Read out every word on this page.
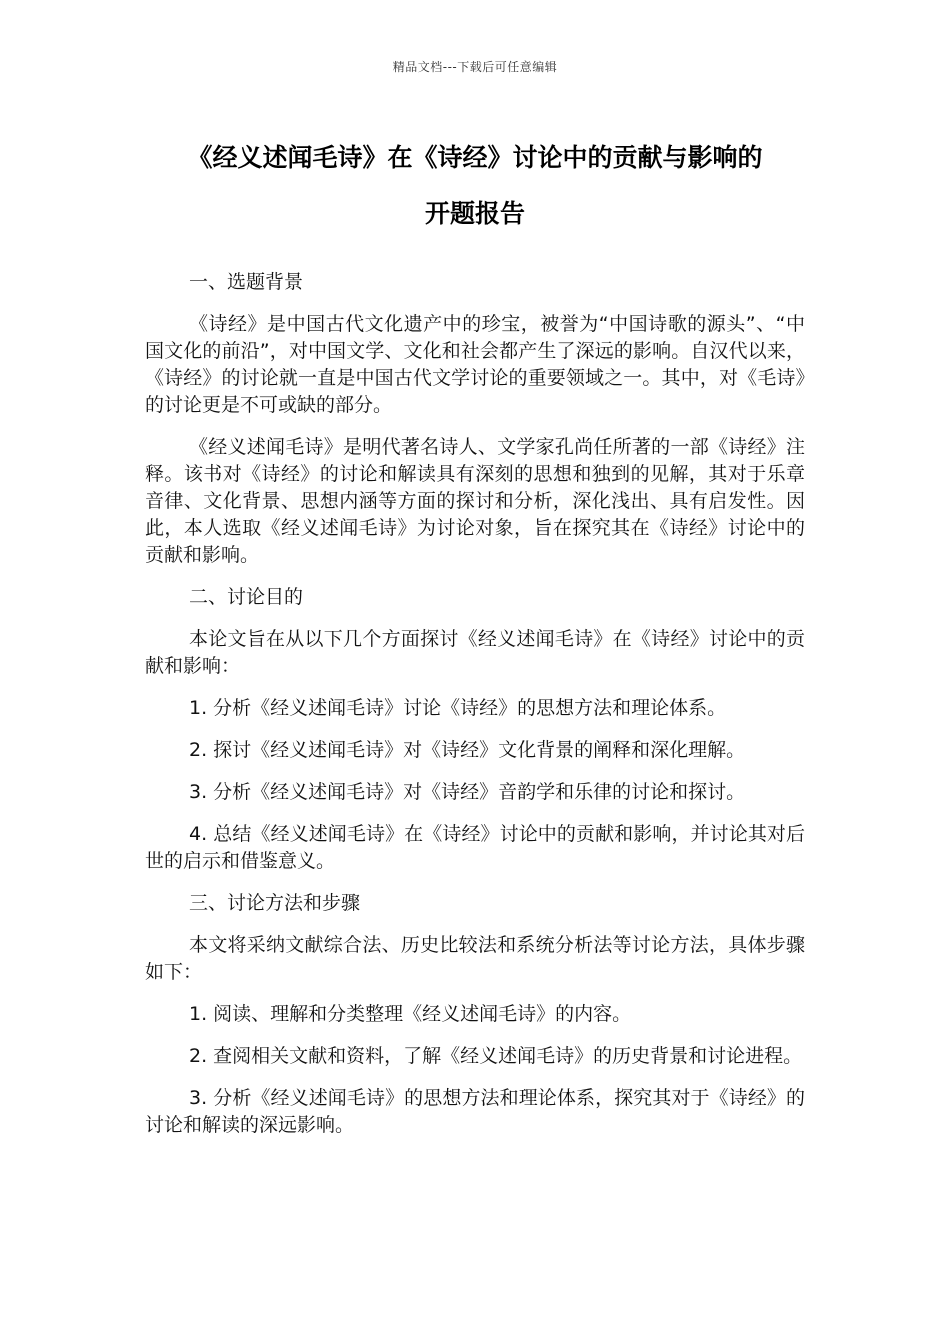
精品文档---下载后可任意编辑
《经义述闻毛诗》在《诗经》讨论中的贡献与影响的
开题报告

一、选题背景

《诗经》是中国古代文化遗产中的珍宝，被誉为“中国诗歌的源头”、“中国文化的前沿”，对中国文学、文化和社会都产生了深远的影响。自汉代以来，《诗经》的讨论就一直是中国古代文学讨论的重要领域之一。其中，对《毛诗》的讨论更是不可或缺的部分。

《经义述闻毛诗》是明代著名诗人、文学家孔尚任所著的一部《诗经》注释。该书对《诗经》的讨论和解读具有深刻的思想和独到的见解，其对于乐章音律、文化背景、思想内涵等方面的探讨和分析，深化浅出、具有启发性。因此，本人选取《经义述闻毛诗》为讨论对象，旨在探究其在《诗经》讨论中的贡献和影响。

二、讨论目的

本论文旨在从以下几个方面探讨《经义述闻毛诗》在《诗经》讨论中的贡献和影响：

1. 分析《经义述闻毛诗》讨论《诗经》的思想方法和理论体系。

2. 探讨《经义述闻毛诗》对《诗经》文化背景的阐释和深化理解。

3. 分析《经义述闻毛诗》对《诗经》音韵学和乐律的讨论和探讨。

4. 总结《经义述闻毛诗》在《诗经》讨论中的贡献和影响，并讨论其对后世的启示和借鉴意义。

三、讨论方法和步骤

本文将采纳文献综合法、历史比较法和系统分析法等讨论方法，具体步骤如下：

1. 阅读、理解和分类整理《经义述闻毛诗》的内容。

2. 查阅相关文献和资料，了解《经义述闻毛诗》的历史背景和讨论进程。

3. 分析《经义述闻毛诗》的思想方法和理论体系，探究其对于《诗经》的讨论和解读的深远影响。
